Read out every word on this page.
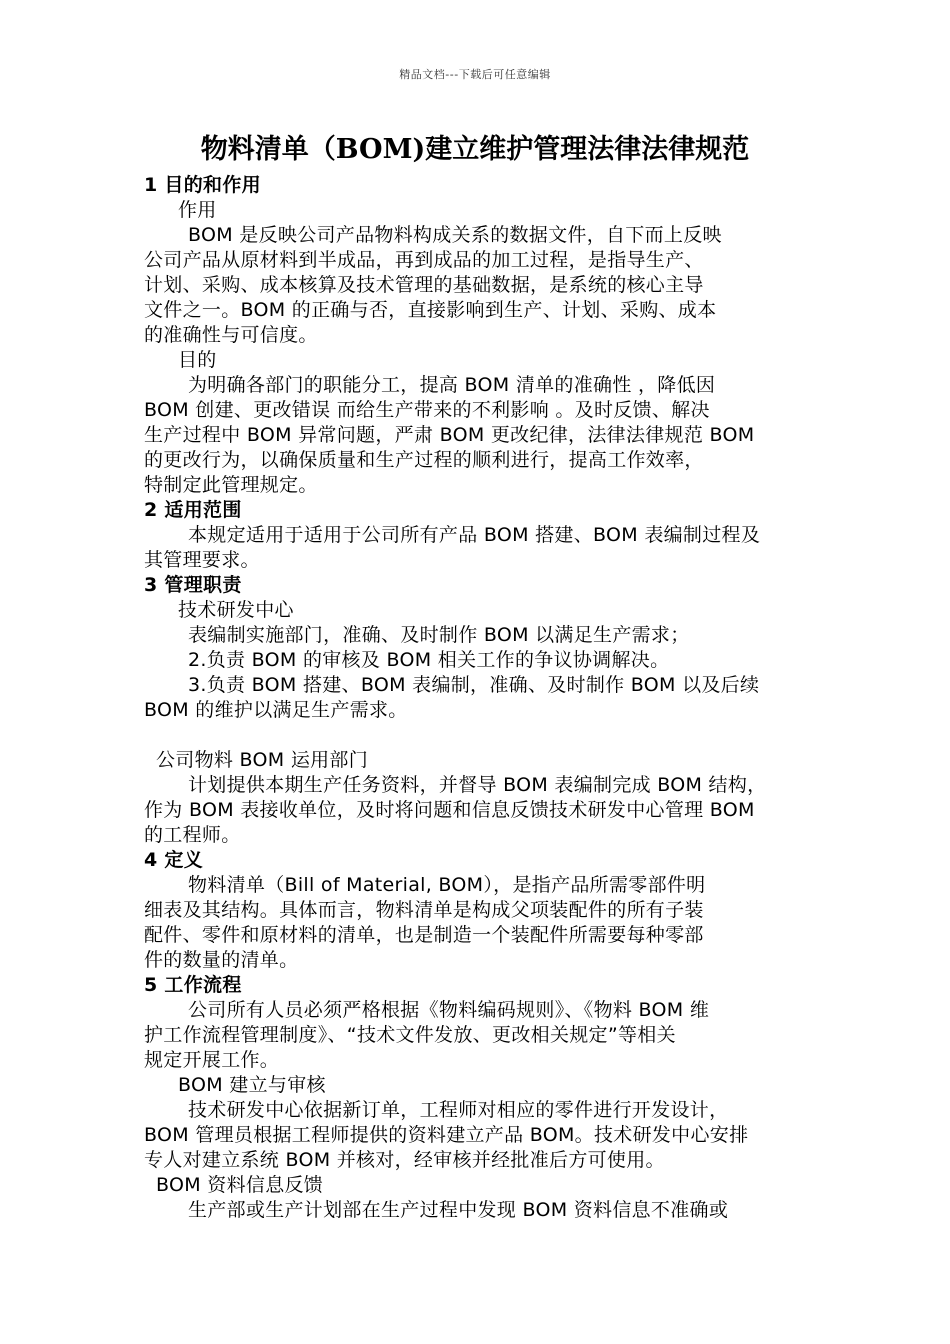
精品文档---下载后可任意编辑
物料清单（BOM)建立维护管理法律法律规范
1 目的和作用
作用
BOM 是反映公司产品物料构成关系的数据文件，自下而上反映
公司产品从原材料到半成品，再到成品的加工过程，是指导生产、
计划、采购、成本核算及技术管理的基础数据，是系统的核心主导
文件之一。BOM 的正确与否，直接影响到生产、计划、采购、成本
的准确性与可信度。
目的
为明确各部门的职能分工，提高 BOM 清单的准确性 ，降低因
BOM 创建、更改错误 而给生产带来的不利影响 。及时反馈、解决
生产过程中 BOM 异常问题，严肃 BOM 更改纪律，法律法律规范 BOM
的更改行为，以确保质量和生产过程的顺利进行，提高工作效率，
特制定此管理规定。
2 适用范围
本规定适用于适用于公司所有产品 BOM 搭建、BOM 表编制过程及
其管理要求。
3 管理职责
技术研发中心
表编制实施部门，准确、及时制作 BOM 以满足生产需求；
2.负责 BOM 的审核及 BOM 相关工作的争议协调解决。
3.负责 BOM 搭建、BOM 表编制，准确、及时制作 BOM 以及后续
BOM 的维护以满足生产需求。
公司物料 BOM 运用部门
计划提供本期生产任务资料，并督导 BOM 表编制完成 BOM 结构，
作为 BOM 表接收单位，及时将问题和信息反馈技术研发中心管理 BOM
的工程师。
4 定义
物料清单（Bill of Material, BOM），是指产品所需零部件明
细表及其结构。具体而言，物料清单是构成父项装配件的所有子装
配件、零件和原材料的清单，也是制造一个装配件所需要每种零部
件的数量的清单。
5 工作流程
公司所有人员必须严格根据《物料编码规则》、《物料 BOM 维
护工作流程管理制度》、“技术文件发放、更改相关规定”等相关
规定开展工作。
BOM 建立与审核
技术研发中心依据新订单，工程师对相应的零件进行开发设计，
BOM 管理员根据工程师提供的资料建立产品 BOM。技术研发中心安排
专人对建立系统 BOM 并核对，经审核并经批准后方可使用。
BOM 资料信息反馈
生产部或生产计划部在生产过程中发现 BOM 资料信息不准确或
